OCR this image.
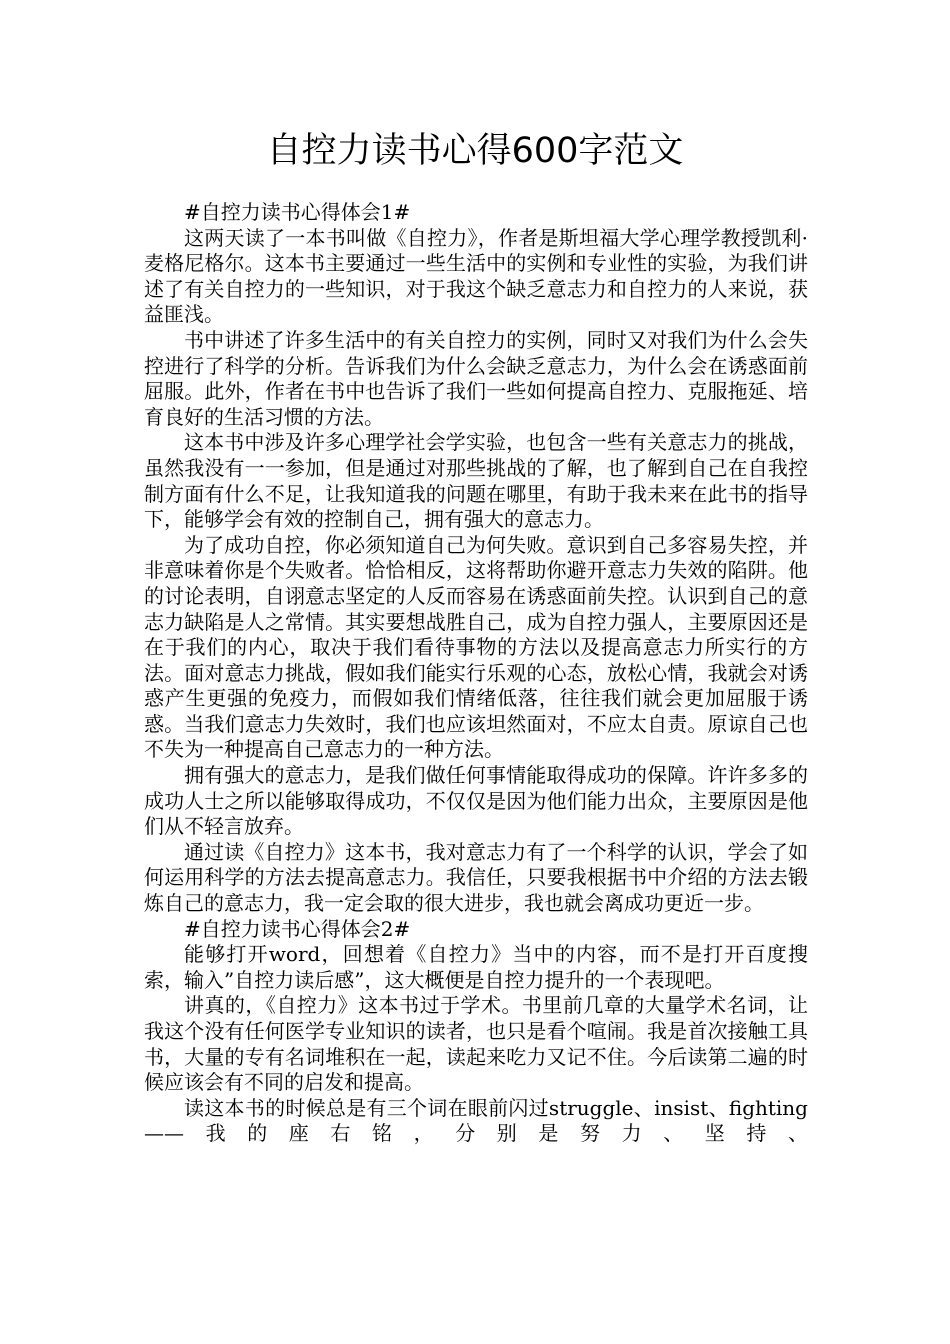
自控力读书心得600字范文

#自控力读书心得体会1#

这两天读了一本书叫做《自控力》，作者是斯坦福大学心理学教授凯利·麦格尼格尔。这本书主要通过一些生活中的实例和专业性的实验，为我们讲述了有关自控力的一些知识，对于我这个缺乏意志力和自控力的人来说，获益匪浅。

书中讲述了许多生活中的有关自控力的实例，同时又对我们为什么会失控进行了科学的分析。告诉我们为什么会缺乏意志力，为什么会在诱惑面前屈服。此外，作者在书中也告诉了我们一些如何提高自控力、克服拖延、培育良好的生活习惯的方法。

这本书中涉及许多心理学社会学实验，也包含一些有关意志力的挑战，虽然我没有一一参加，但是通过对那些挑战的了解，也了解到自己在自我控制方面有什么不足，让我知道我的问题在哪里，有助于我未来在此书的指导下，能够学会有效的控制自己，拥有强大的意志力。

为了成功自控，你必须知道自己为何失败。意识到自己多容易失控，并非意味着你是个失败者。恰恰相反，这将帮助你避开意志力失效的陷阱。他的讨论表明，自诩意志坚定的人反而容易在诱惑面前失控。认识到自己的意志力缺陷是人之常情。其实要想战胜自己，成为自控力强人，主要原因还是在于我们的内心，取决于我们看待事物的方法以及提高意志力所实行的方法。面对意志力挑战，假如我们能实行乐观的心态，放松心情，我就会对诱惑产生更强的免疫力，而假如我们情绪低落，往往我们就会更加屈服于诱惑。当我们意志力失效时，我们也应该坦然面对，不应太自责。原谅自己也不失为一种提高自己意志力的一种方法。

拥有强大的意志力，是我们做任何事情能取得成功的保障。许许多多的成功人士之所以能够取得成功，不仅仅是因为他们能力出众，主要原因是他们从不轻言放弃。

通过读《自控力》这本书，我对意志力有了一个科学的认识，学会了如何运用科学的方法去提高意志力。我信任，只要我根据书中介绍的方法去锻炼自己的意志力，我一定会取的很大进步，我也就会离成功更近一步。

#自控力读书心得体会2#

能够打开word，回想着《自控力》当中的内容，而不是打开百度搜索，输入”自控力读后感”，这大概便是自控力提升的一个表现吧。

讲真的，《自控力》这本书过于学术。书里前几章的大量学术名词，让我这个没有任何医学专业知识的读者，也只是看个喧闹。我是首次接触工具书，大量的专有名词堆积在一起，读起来吃力又记不住。今后读第二遍的时候应该会有不同的启发和提高。

读这本书的时候总是有三个词在眼前闪过struggle、insist、fighting——我的座右铭，分别是努力、坚持、
